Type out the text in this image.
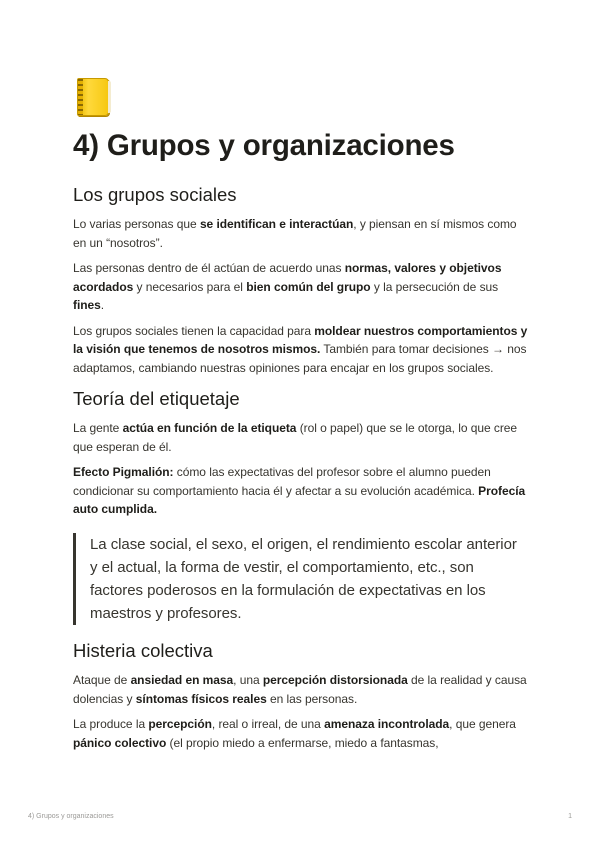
4) Grupos y organizaciones
Los grupos sociales

Lo varias personas que se identifican e interactúan, y piensan en sí mismos como en un “nosotros”.

Las personas dentro de él actúan de acuerdo unas normas, valores y objetivos acordados y necesarios para el bien común del grupo y la persecución de sus fines.

Los grupos sociales tienen la capacidad para moldear nuestros comportamientos y la visión que tenemos de nosotros mismos. También para tomar decisiones → nos adaptamos, cambiando nuestras opiniones para encajar en los grupos sociales.

Teoría del etiquetaje

La gente actúa en función de la etiqueta (rol o papel) que se le otorga, lo que cree que esperan de él.

Efecto Pigmalión: cómo las expectativas del profesor sobre el alumno pueden condicionar su comportamiento hacia él y afectar a su evolución académica. Profecía auto cumplida.

La clase social, el sexo, el origen, el rendimiento escolar anterior y el actual, la forma de vestir, el comportamiento, etc., son factores poderosos en la formulación de expectativas en los maestros y profesores.

Histeria colectiva

Ataque de ansiedad en masa, una percepción distorsionada de la realidad y causa dolencias y síntomas físicos reales en las personas.

La produce la percepción, real o irreal, de una amenaza incontrolada, que genera pánico colectivo (el propio miedo a enfermarse, miedo a fantasmas,

4) Grupos y organizaciones	1
